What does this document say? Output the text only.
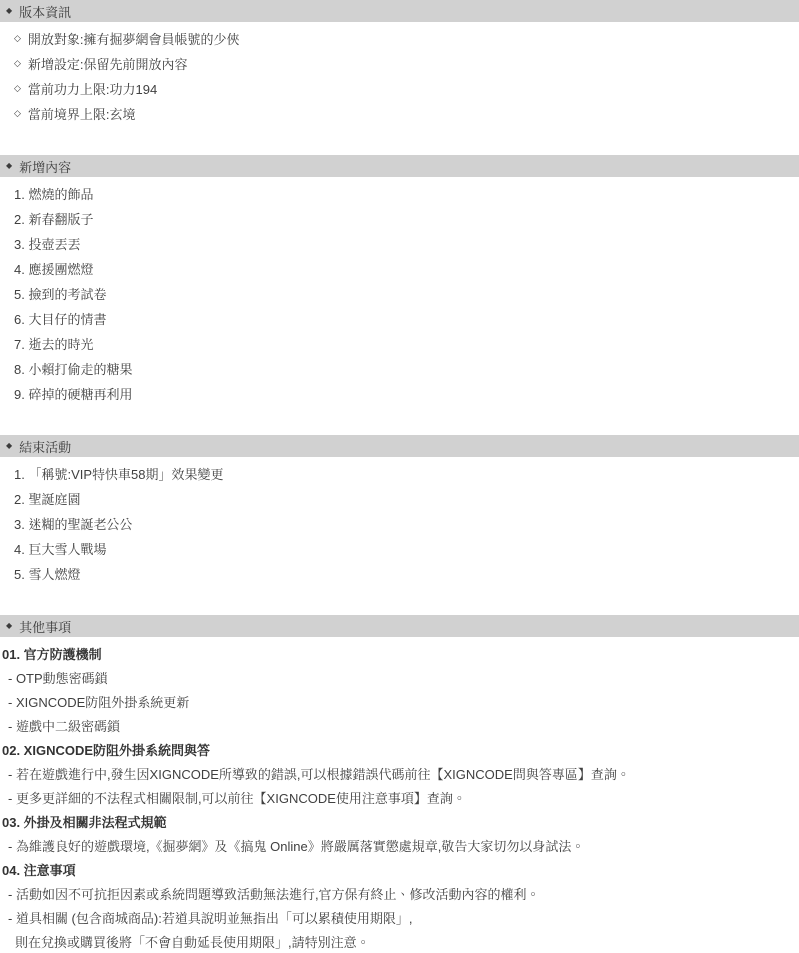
◆ 版本資訊
◇ 開放對象:擁有掘夢網會員帳號的少俠
◇ 新增設定:保留先前開放內容
◇ 當前功力上限:功力194
◇ 當前境界上限:玄境
◆ 新增內容
1. 燃燒的飾品
2. 新春翻版子
3. 投壺丟丟
4. 應援團燃燈
5. 撿到的考試卷
6. 大目仔的情書
7. 逝去的時光
8. 小賴打偷走的糖果
9. 碎掉的硬糖再利用
◆ 結束活動
1. 「稱號:VIP特快車58期」效果變更
2. 聖誕庭園
3. 迷糊的聖誕老公公
4. 巨大雪人戰場
5. 雪人燃燈
◆ 其他事項
01. 官方防護機制
- OTP動態密碼鎖
- XIGNCODE防阻外掛系統更新
- 遊戲中二級密碼鎖
02. XIGNCODE防阻外掛系統問與答
- 若在遊戲進行中,發生因XIGNCODE所導致的錯誤,可以根據錯誤代碼前往【XIGNCODE問與答專區】查詢。
- 更多更詳細的不法程式相關限制,可以前往【XIGNCODE使用注意事項】查詢。
03. 外掛及相關非法程式規範
- 為維護良好的遊戲環境,《掘夢網》及《搞鬼 Online》將嚴厲落實懲處規章,敬告大家切勿以身試法。
04. 注意事項
- 活動如因不可抗拒因素或系統問題導致活動無法進行,官方保有終止、修改活動內容的權利。
- 道具相關 (包含商城商品):若道具說明並無指出「可以累積使用期限」,
則在兌換或購買後將「不會自動延長使用期限」,請特別注意。
